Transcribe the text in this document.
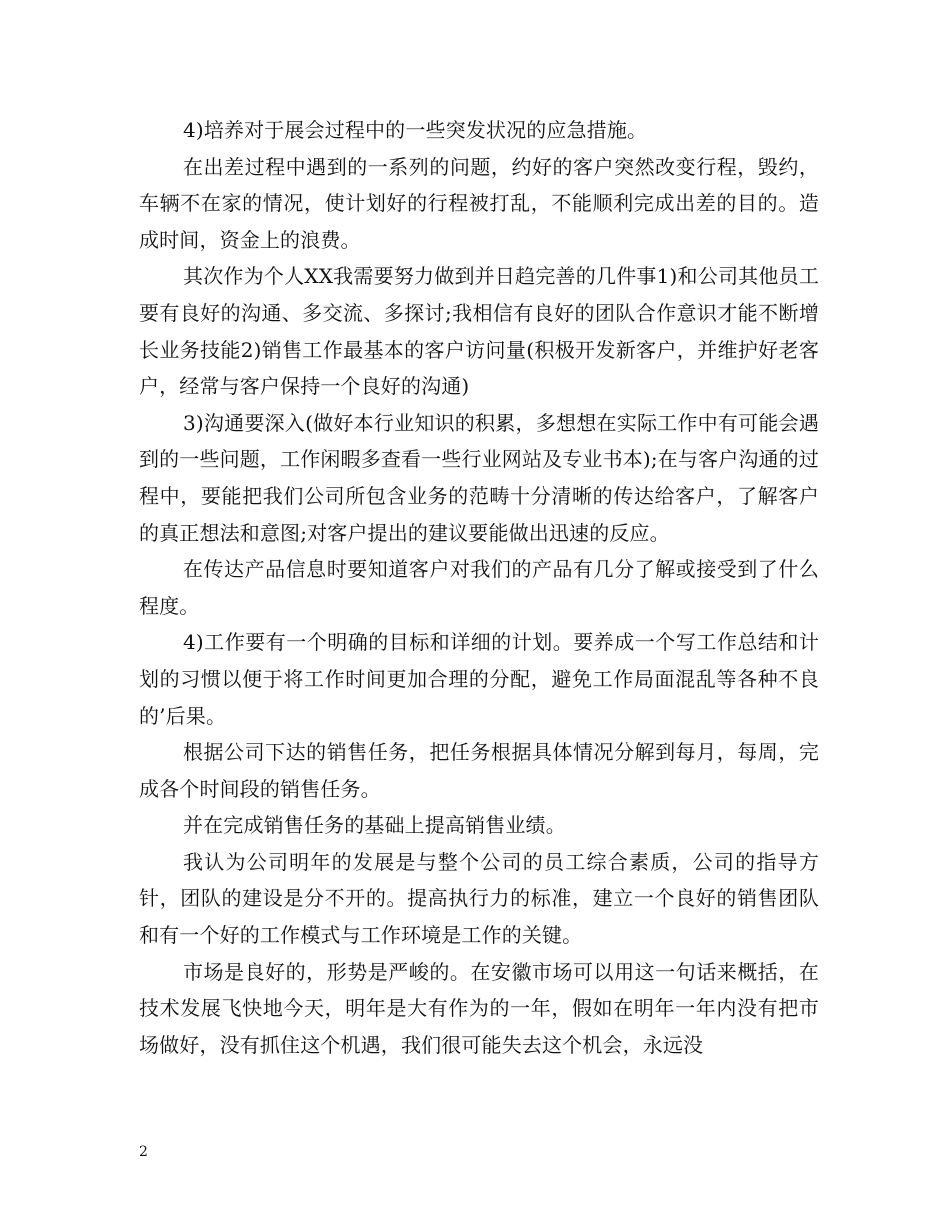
4)培养对于展会过程中的一些突发状况的应急措施。

在出差过程中遇到的一系列的问题，约好的客户突然改变行程，毁约，车辆不在家的情况，使计划好的行程被打乱，不能顺利完成出差的目的。造成时间，资金上的浪费。

其次作为个人XX我需要努力做到并日趋完善的几件事1)和公司其他员工要有良好的沟通、多交流、多探讨;我相信有良好的团队合作意识才能不断增长业务技能2)销售工作最基本的客户访问量(积极开发新客户，并维护好老客户，经常与客户保持一个良好的沟通)

3)沟通要深入(做好本行业知识的积累，多想想在实际工作中有可能会遇到的一些问题，工作闲暇多查看一些行业网站及专业书本);在与客户沟通的过程中，要能把我们公司所包含业务的范畴十分清晰的传达给客户，了解客户的真正想法和意图;对客户提出的建议要能做出迅速的反应。

在传达产品信息时要知道客户对我们的产品有几分了解或接受到了什么程度。

4)工作要有一个明确的目标和详细的计划。要养成一个写工作总结和计划的习惯以便于将工作时间更加合理的分配，避免工作局面混乱等各种不良的’后果。

根据公司下达的销售任务，把任务根据具体情况分解到每月，每周，完成各个时间段的销售任务。

并在完成销售任务的基础上提高销售业绩。

我认为公司明年的发展是与整个公司的员工综合素质，公司的指导方针，团队的建设是分不开的。提高执行力的标准，建立一个良好的销售团队和有一个好的工作模式与工作环境是工作的关键。

市场是良好的，形势是严峻的。在安徽市场可以用这一句话来概括，在技术发展飞快地今天，明年是大有作为的一年，假如在明年一年内没有把市场做好，没有抓住这个机遇，我们很可能失去这个机会，永远没

2
